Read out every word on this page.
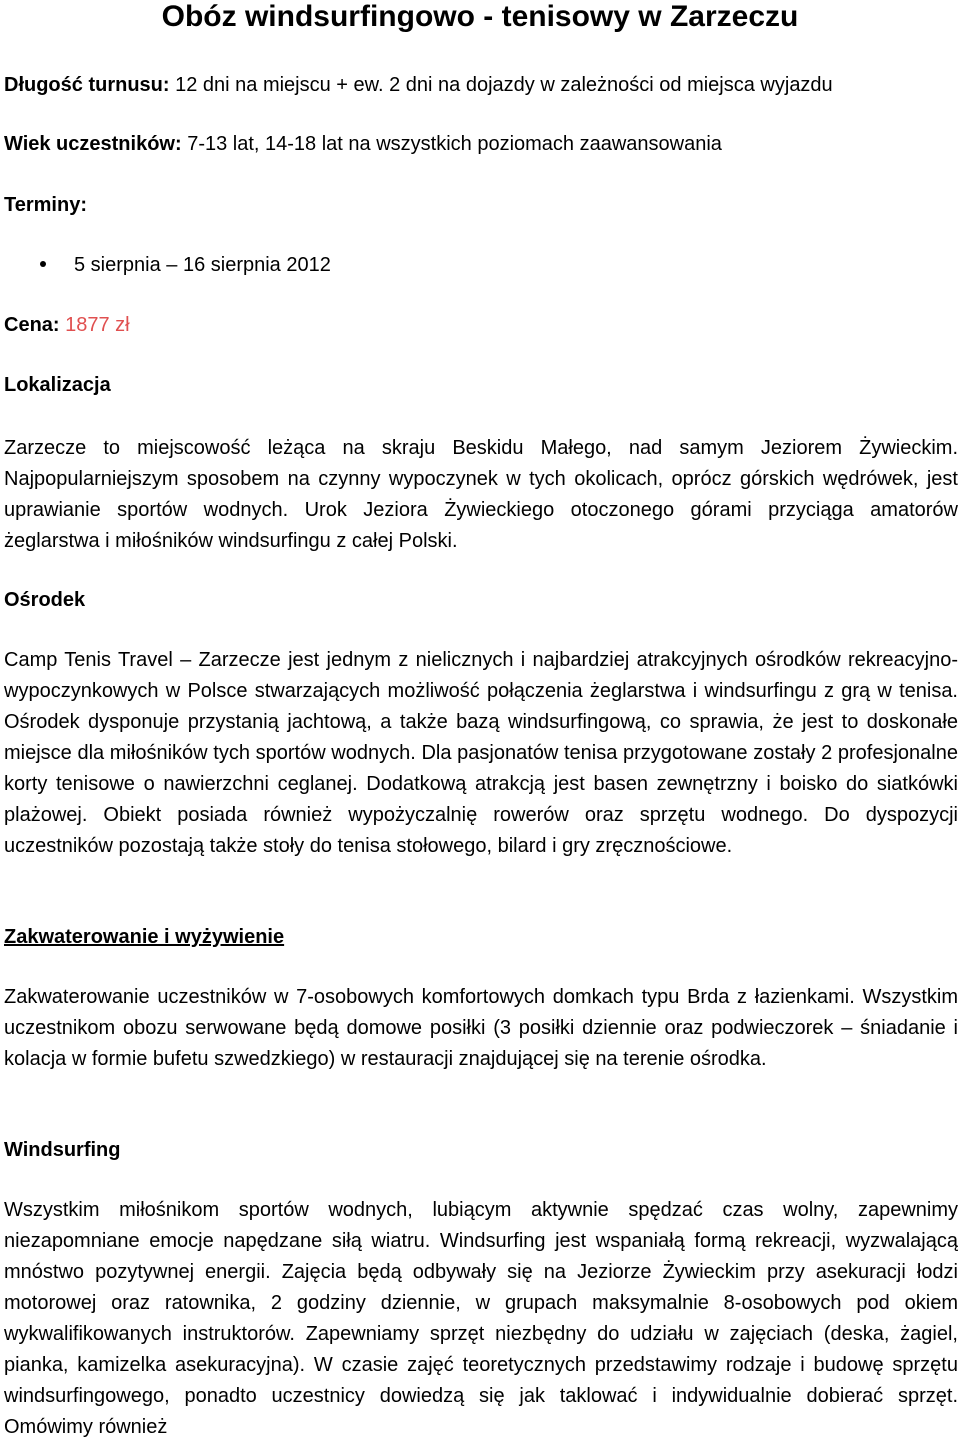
Obóz windsurfingowo - tenisowy w Zarzeczu
Długość turnusu: 12 dni na miejscu + ew. 2 dni na dojazdy w zależności od miejsca wyjazdu
Wiek uczestników: 7-13 lat, 14-18 lat na wszystkich poziomach zaawansowania
Terminy:
5 sierpnia – 16 sierpnia 2012
Cena: 1877 zł
Lokalizacja

Zarzecze to miejscowość leżąca na skraju Beskidu Małego, nad samym Jeziorem Żywieckim. Najpopularniejszym sposobem na czynny wypoczynek w tych okolicach, oprócz górskich wędrówek, jest uprawianie sportów wodnych. Urok Jeziora Żywieckiego otoczonego górami przyciąga amatorów żeglarstwa i miłośników windsurfingu z całej Polski.

Ośrodek

Camp Tenis Travel – Zarzecze jest jednym z nielicznych i najbardziej atrakcyjnych ośrodków rekreacyjno-wypoczynkowych w Polsce stwarzających możliwość połączenia żeglarstwa i windsurfingu z grą w tenisa. Ośrodek dysponuje przystanią jachtową, a także bazą windsurfingową, co sprawia, że jest to doskonałe miejsce dla miłośników tych sportów wodnych. Dla pasjonatów tenisa przygotowane zostały 2 profesjonalne korty tenisowe o nawierzchni ceglanej. Dodatkową atrakcją jest basen zewnętrzny i boisko do siatkówki plażowej. Obiekt posiada również wypożyczalnię rowerów oraz sprzętu wodnego. Do dyspozycji uczestników pozostają także stoły do tenisa stołowego, bilard i gry zręcznościowe.

Zakwaterowanie i wyżywienie

Zakwaterowanie uczestników w 7-osobowych komfortowych domkach typu Brda z łazienkami. Wszystkim uczestnikom obozu serwowane będą domowe posiłki (3 posiłki dziennie oraz podwieczorek – śniadanie i kolacja w formie bufetu szwedzkiego) w restauracji znajdującej się na terenie ośrodka.

Windsurfing

Wszystkim miłośnikom sportów wodnych, lubiącym aktywnie spędzać czas wolny, zapewnimy niezapomniane emocje napędzane siłą wiatru. Windsurfing jest wspaniałą formą rekreacji, wyzwalającą mnóstwo pozytywnej energii. Zajęcia będą odbywały się na Jeziorze Żywieckim przy asekuracji łodzi motorowej oraz ratownika, 2 godziny dziennie, w grupach maksymalnie 8-osobowych pod okiem wykwalifikowanych instruktorów. Zapewniamy sprzęt niezbędny do udziału w zajęciach (deska, żagiel, pianka, kamizelka asekuracyjna). W czasie zajęć teoretycznych przedstawimy rodzaje i budowę sprzętu windsurfingowego, ponadto uczestnicy dowiedzą się jak taklować i indywidualnie dobierać sprzęt. Omówimy również
